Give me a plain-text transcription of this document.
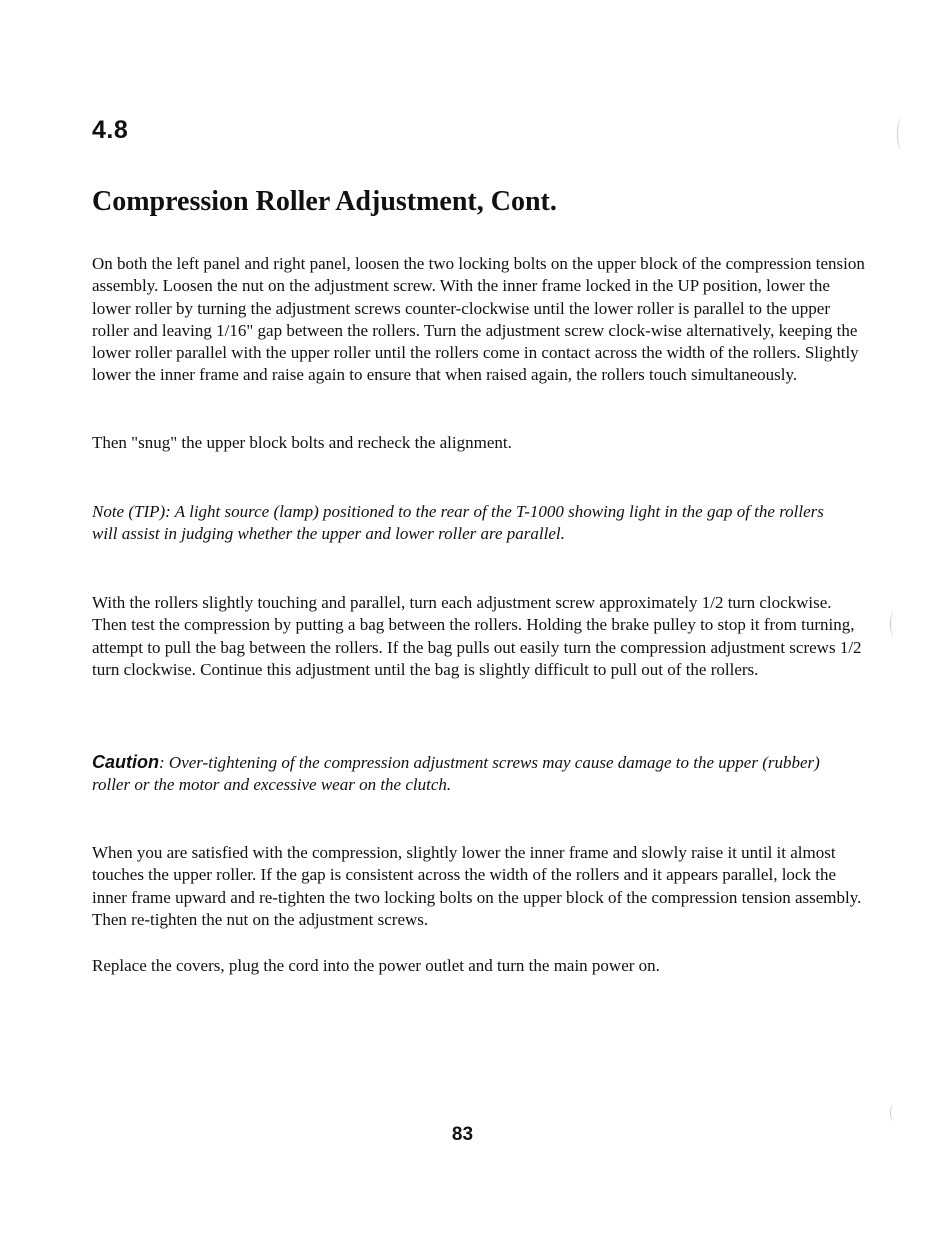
4.8
Compression Roller Adjustment, Cont.

On both the left panel and right panel, loosen the two locking bolts on the upper block of the compression tension assembly. Loosen the nut on the adjustment screw. With the inner frame locked in the UP position, lower the lower roller by turning the adjustment screws counter-clockwise until the lower roller is parallel to the upper roller and leaving 1/16" gap between the rollers. Turn the adjustment screw clock-wise alternatively, keeping the lower roller parallel with the upper roller until the rollers come in contact across the width of the rollers. Slightly lower the inner frame and raise again to ensure that when raised again, the rollers touch simultaneously.

Then "snug" the upper block bolts and recheck the alignment.

Note (TIP): A light source (lamp) positioned to the rear of the T-1000 showing light in the gap of the rollers will assist in judging whether the upper and lower roller are parallel.

With the rollers slightly touching and parallel, turn each adjustment screw approximately 1/2 turn clockwise. Then test the compression by putting a bag between the rollers. Holding the brake pulley to stop it from turning, attempt to pull the bag between the rollers. If the bag pulls out easily turn the compression adjustment screws 1/2 turn clockwise. Continue this adjustment until the bag is slightly difficult to pull out of the rollers.

Caution: Over-tightening of the compression adjustment screws may cause damage to the upper (rubber) roller or the motor and excessive wear on the clutch.

When you are satisfied with the compression, slightly lower the inner frame and slowly raise it until it almost touches the upper roller. If the gap is consistent across the width of the rollers and it appears parallel, lock the inner frame upward and re-tighten the two locking bolts on the upper block of the compression tension assembly. Then re-tighten the nut on the adjustment screws.

Replace the covers, plug the cord into the power outlet and turn the main power on.

83
